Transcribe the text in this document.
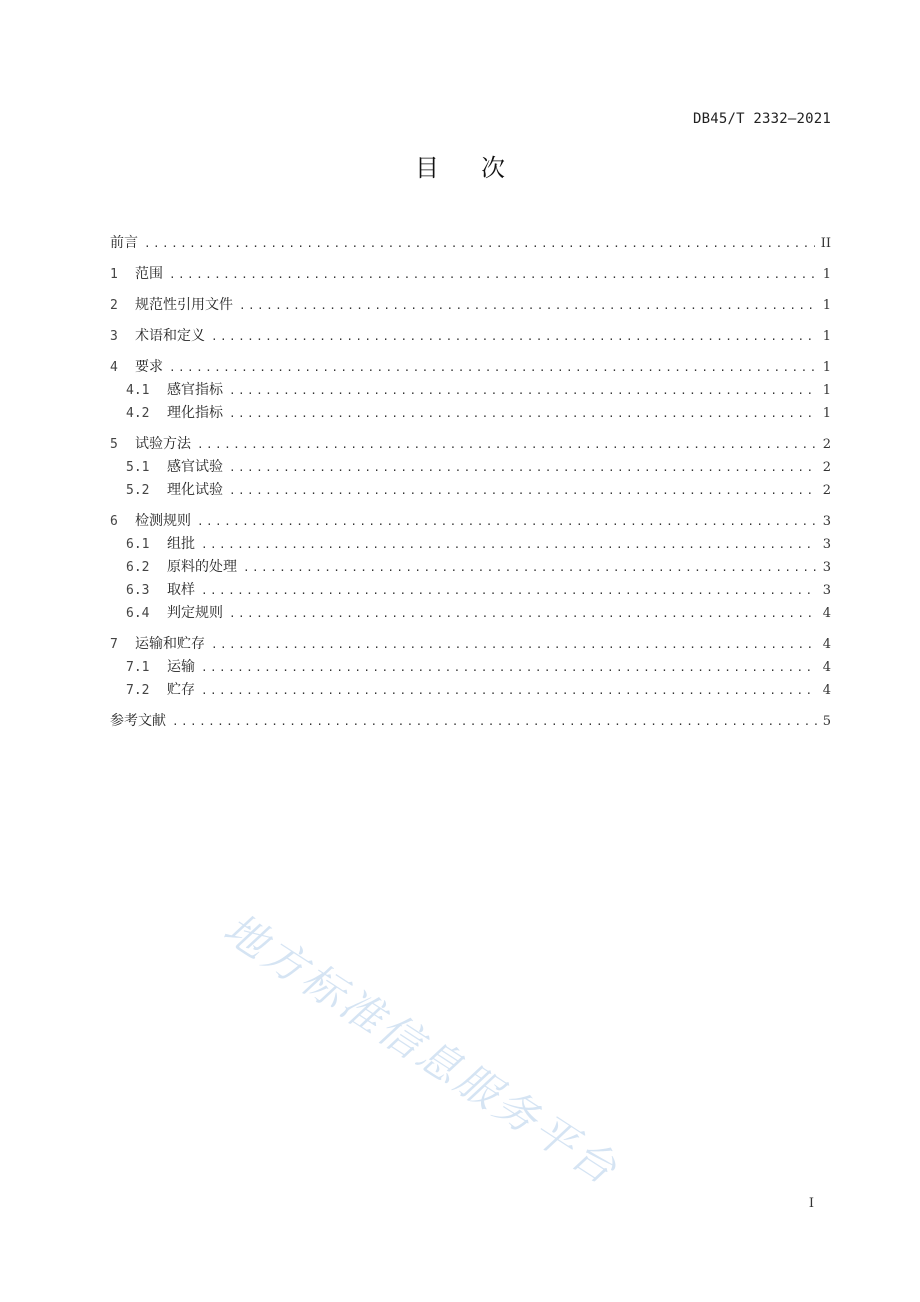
DB45/T 2332—2021
目次
前言 .....	II
1	范围 .....	1
2	规范性引用文件 .....	1
3	术语和定义 .....	1
4	要求 .....	1
4.1	感官指标 .....	1
4.2	理化指标 .....	1
5	试验方法 .....	2
5.1	感官试验 .....	2
5.2	理化试验 .....	2
6	检测规则 .....	3
6.1	组批 .....	3
6.2	原料的处理 .....	3
6.3	取样 .....	3
6.4	判定规则 .....	4
7	运输和贮存 .....	4
7.1	运输 .....	4
7.2	贮存 .....	4
参考文献 .....	5
地方标准信息服务平台
I
